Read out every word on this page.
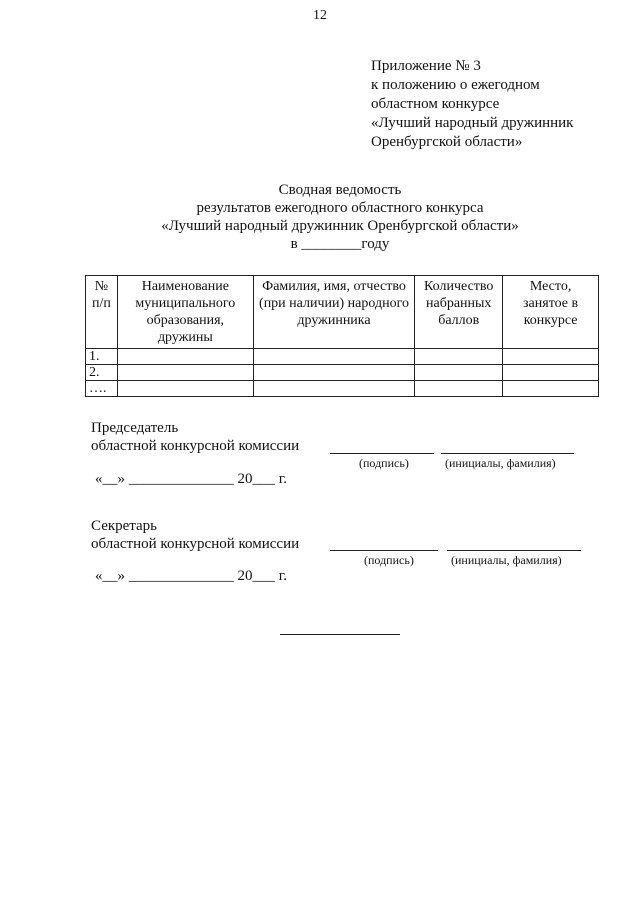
12
Приложение № 3
к положению о ежегодном
областном конкурсе
«Лучший народный дружинник
Оренбургской области»
Сводная ведомость
результатов ежегодного областного конкурса
«Лучший народный дружинник Оренбургской области»
в ________году
№ п/п	Наименование муниципального образования, дружины	Фамилия, имя, отчество (при наличии) народного дружинника	Количество набранных баллов	Место, занятое в конкурсе
1.				
2.				
….				
Председатель
областной конкурсной комиссии
(подпись)	(инициалы, фамилия)
«__» ______________ 20___ г.
Секретарь
областной конкурсной комиссии
(подпись)	(инициалы, фамилия)
«__» ______________ 20___ г.
